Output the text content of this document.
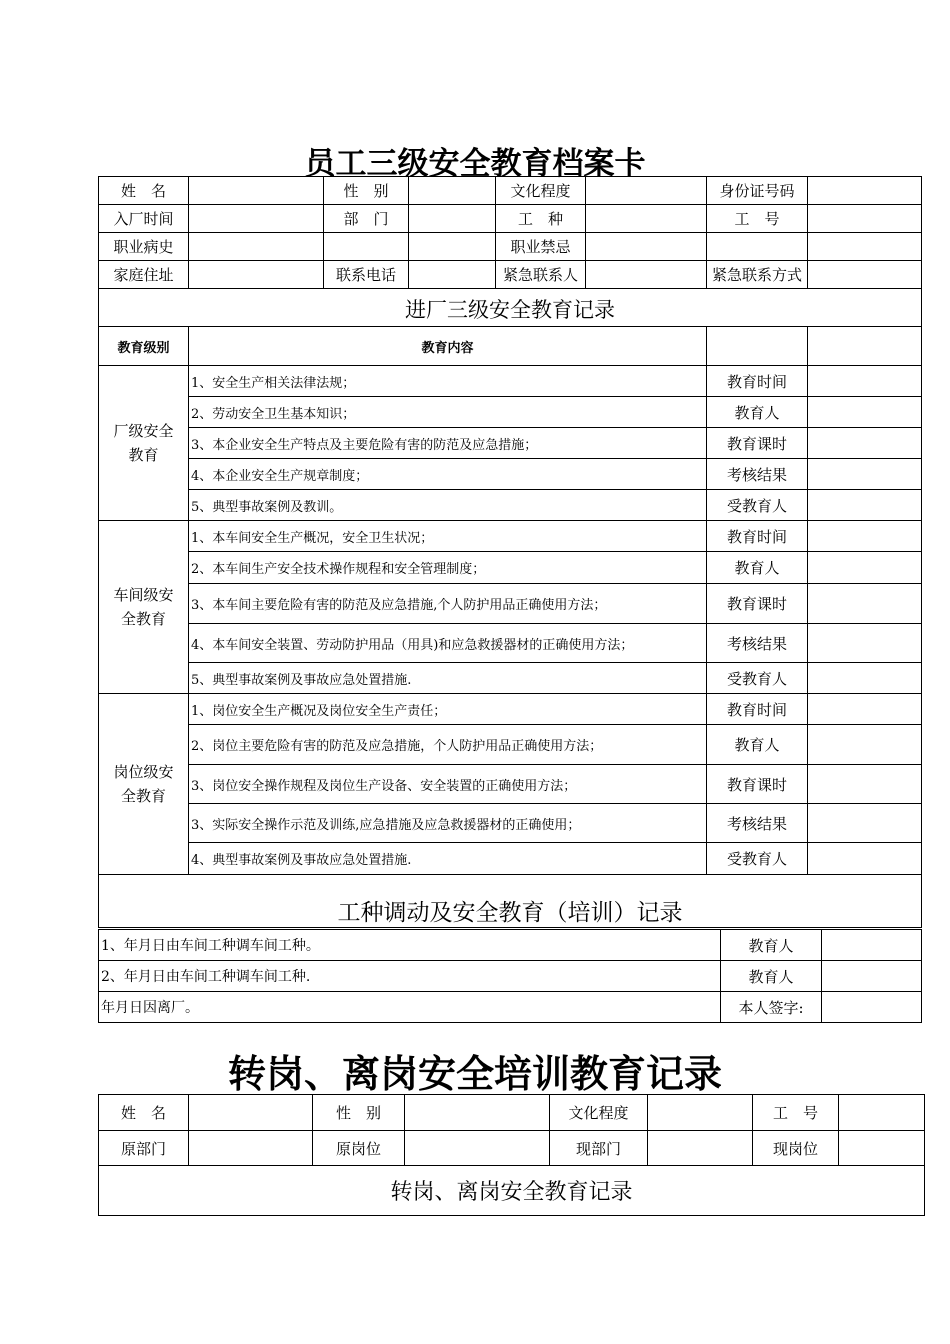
员工三级安全教育档案卡
姓　名		性　别		文化程度		身份证号码	
入厂时间		部　门		工　种		工　号	
职业病史				职业禁忌			
家庭住址		联系电话		紧急联系人		紧急联系方式	
进厂三级安全教育记录							
教育级别	教育内容						
厂级安全教育	1、安全生产相关法律法规；					教育时间	
	2、劳动安全卫生基本知识；					教育人	
	3、本企业安全生产特点及主要危险有害的防范及应急措施；					教育课时	
	4、本企业安全生产规章制度；					考核结果	
	5、典型事故案例及教训。					受教育人	
车间级安全教育	1、本车间安全生产概况，安全卫生状况；					教育时间	
	2、本车间生产安全技术操作规程和安全管理制度；					教育人	
	3、本车间主要危险有害的防范及应急措施,个人防护用品正确使用方法；					教育课时	
	4、本车间安全装置、劳动防护用品（用具)和应急救援器材的正确使用方法；					考核结果	
	5、典型事故案例及事故应急处置措施.					受教育人	
岗位级安全教育	1、岗位安全生产概况及岗位安全生产责任；					教育时间	
	2、岗位主要危险有害的防范及应急措施，个人防护用品正确使用方法；					教育人	
	3、岗位安全操作规程及岗位生产设备、安全装置的正确使用方法；					教育课时	
	3、实际安全操作示范及训练,应急措施及应急救援器材的正确使用；					考核结果	
	4、典型事故案例及事故应急处置措施.					受教育人	
工种调动及安全教育（培训）记录							
1、年月日由车间工种调车间工种。	教育人	
2、年月日由车间工种调车间工种.	教育人	
年月日因离厂。	本人签字:	
转岗、离岗安全培训教育记录
姓　名		性　别		文化程度		工　号	
原部门		原岗位		现部门		现岗位	
转岗、离岗安全教育记录							
